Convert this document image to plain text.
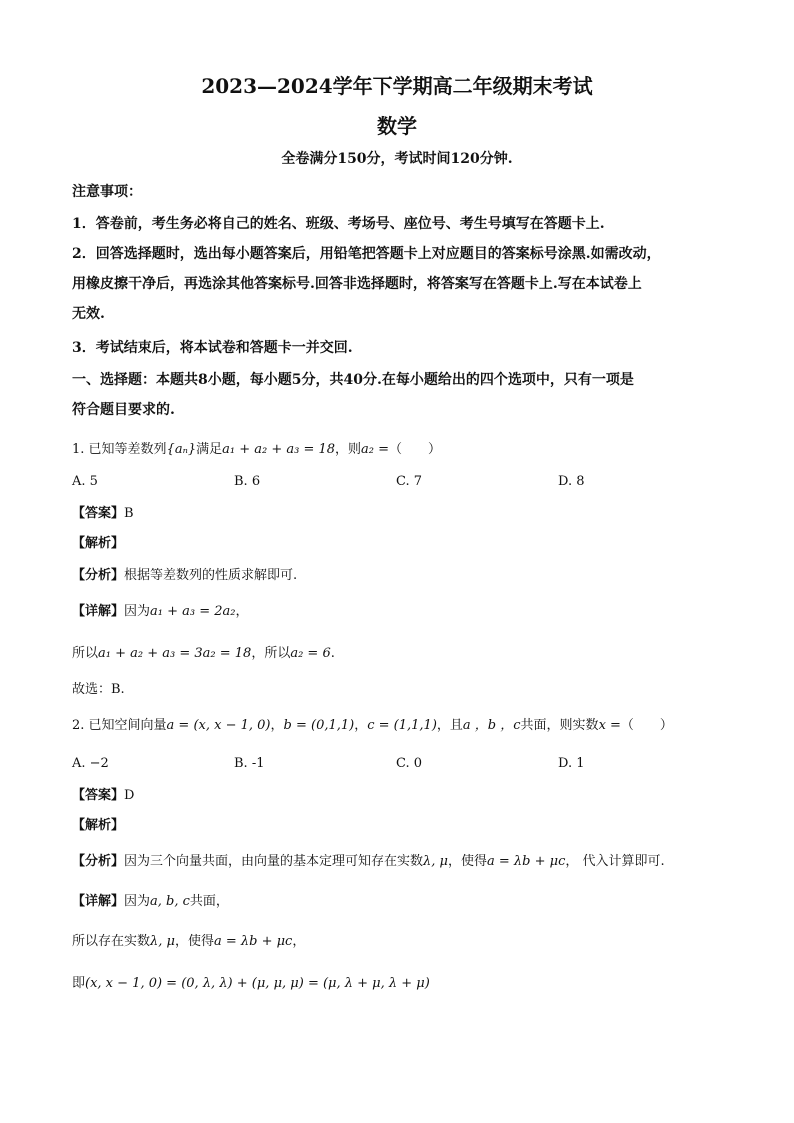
2023—2024学年下学期高二年级期末考试
数学
全卷满分150分，考试时间120分钟.
注意事项：
1．答卷前，考生务必将自己的姓名、班级、考场号、座位号、考生号填写在答题卡上.
2．回答选择题时，选出每小题答案后，用铅笔把答题卡上对应题目的答案标号涂黑.如需改动，
用橡皮擦干净后，再选涂其他答案标号.回答非选择题时，将答案写在答题卡上.写在本试卷上
无效.
3．考试结束后，将本试卷和答题卡一并交回.
一、选择题：本题共8小题，每小题5分，共40分.在每小题给出的四个选项中，只有一项是
符合题目要求的.
1. 已知等差数列{aₙ}满足a₁ + a₂ + a₃ = 18，则a₂ =（　　）
A. 5	B. 6	C. 7	D. 8
【答案】B
【解析】
【分析】根据等差数列的性质求解即可.
【详解】因为a₁ + a₃ = 2a₂，
所以a₁ + a₂ + a₃ = 3a₂ = 18，所以a₂ = 6.
故选：B.
2. 已知空间向量a = (x, x − 1, 0)，b = (0,1,1)，c = (1,1,1)，且a ，b ，c共面，则实数x =（　　）
A. −2	B. -1	C. 0	D. 1
【答案】D
【解析】
【分析】因为三个向量共面，由向量的基本定理可知存在实数λ, μ，使得a = λb + μc， 代入计算即可.
【详解】因为a, b, c共面，
所以存在实数λ, μ，使得a = λb + μc，
即(x, x − 1, 0) = (0, λ, λ) + (μ, μ, μ) = (μ, λ + μ, λ + μ)
